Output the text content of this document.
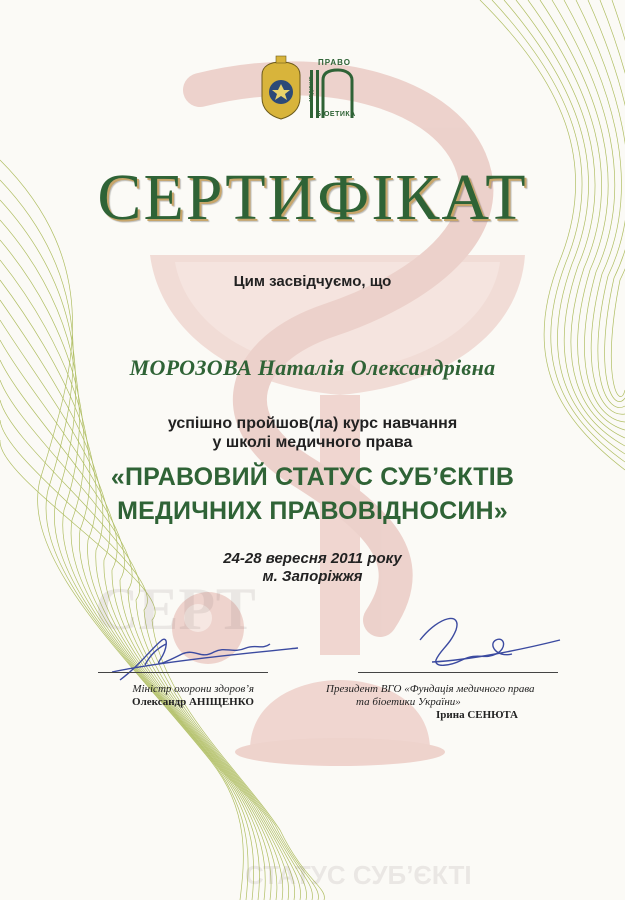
СЕРТ
СТАТУС СУБ’ЄКТІ
ПРАВО
МЕДИЧНЕ
БІОЕТИКА
СЕРТИФІКАТ
Цим засвідчуємо, що
МОРОЗОВА Наталія Олександрівна
успішно пройшов(ла) курс навчання
у школі медичного права
«ПРАВОВИЙ СТАТУС СУБ’ЄКТІВ
МЕДИЧНИХ ПРАВОВІДНОСИН»
24-28 вересня 2011 року
м. Запоріжжя
Міністр охорони здоров’я
Олександр АНІЩЕНКО
Президент ВГО «Фундація медичного права
та біоетики України»
Ірина СЕНЮТА
